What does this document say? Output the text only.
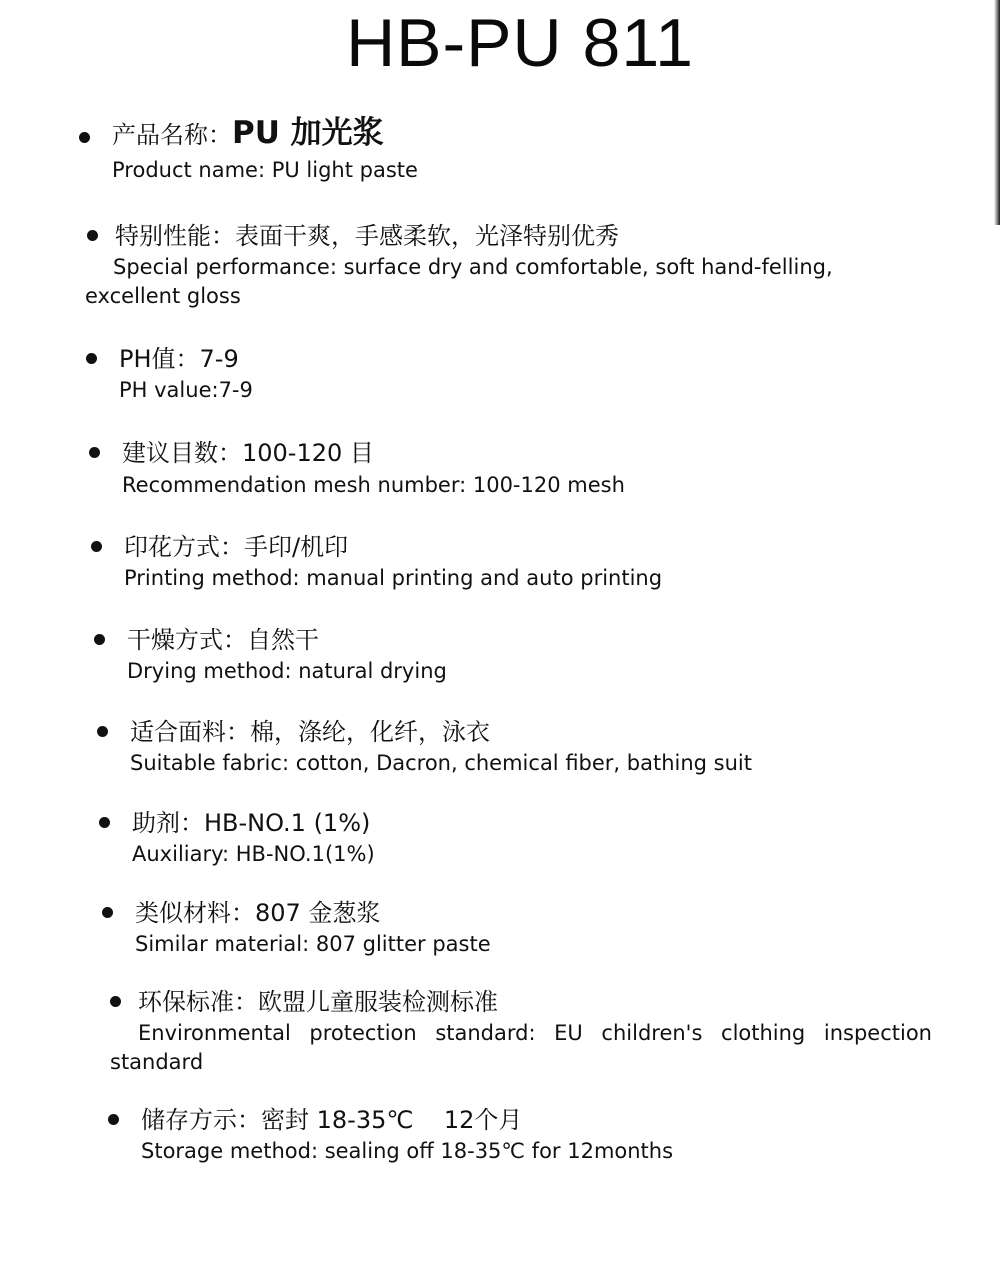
HB-PU 811
产品名称：PU 加光浆
Product name: PU light paste
特别性能：表面干爽，手感柔软，光泽特别优秀
Special performance: surface dry and comfortable, soft hand-felling, excellent gloss
PH值：7-9
PH value:7-9
建议目数：100-120 目
Recommendation mesh number: 100-120 mesh
印花方式：手印/机印
Printing method: manual printing and auto printing
干燥方式：自然干
Drying method: natural drying
适合面料：棉，涤纶，化纤，泳衣
Suitable fabric: cotton, Dacron, chemical fiber, bathing suit
助剂：HB-NO.1 (1%)
Auxiliary: HB-NO.1(1%)
类似材料：807 金葱浆
Similar material: 807 glitter paste
环保标准：欧盟儿童服装检测标准
Environmental protection standard: EU children's clothing inspection standard
储存方示：密封 18-35℃    12个月
Storage method: sealing off 18-35℃ for 12months
